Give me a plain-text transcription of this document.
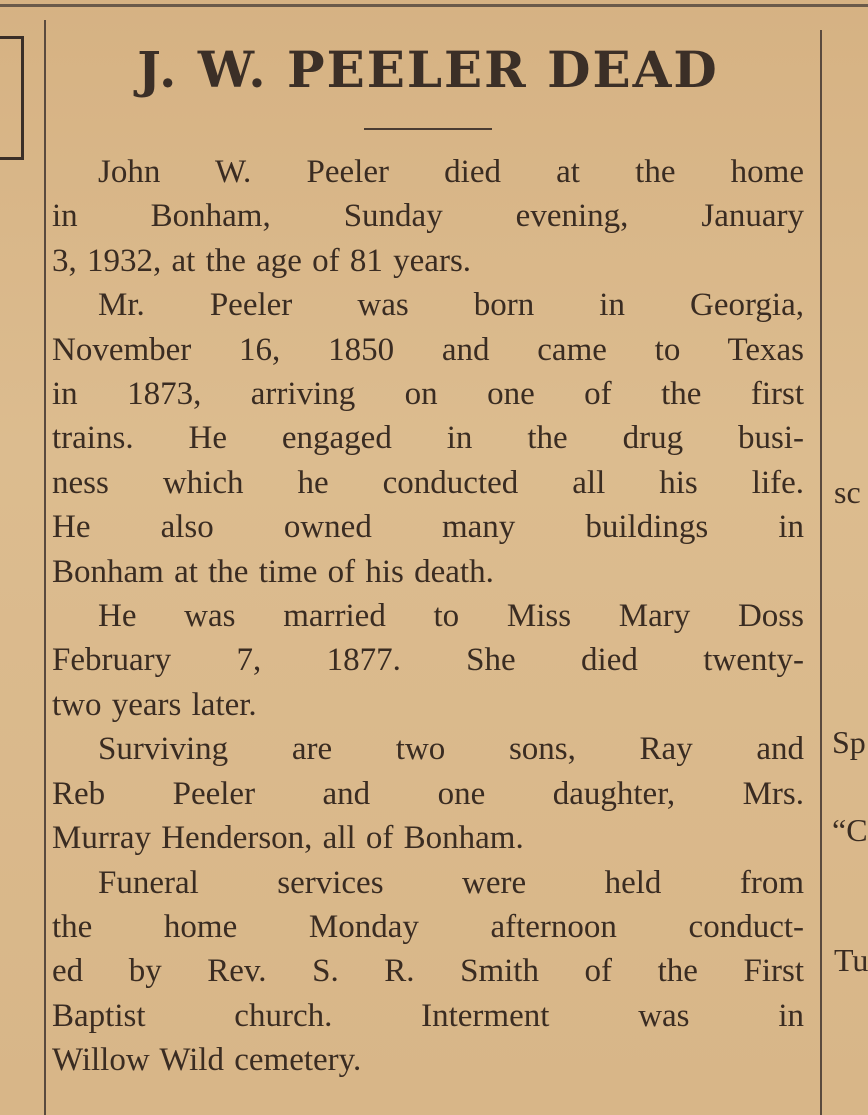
J. W. PEELER DEAD
John W. Peeler died at the home
in Bonham, Sunday evening, January
3, 1932, at the age of 81 years.
Mr. Peeler was born in Georgia,
November 16, 1850 and came to Texas
in 1873, arriving on one of the first
trains. He engaged in the drug busi-
ness which he conducted all his life.
He also owned many buildings in
Bonham at the time of his death.
He was married to Miss Mary Doss
February 7, 1877. She died twenty-
two years later.
Surviving are two sons, Ray and
Reb Peeler and one daughter, Mrs.
Murray Henderson, all of Bonham.
Funeral services were held from
the home Monday afternoon conduct-
ed by Rev. S. R. Smith of the First
Baptist church. Interment was in
Willow Wild cemetery.
sc
Sp
“C
Tu
